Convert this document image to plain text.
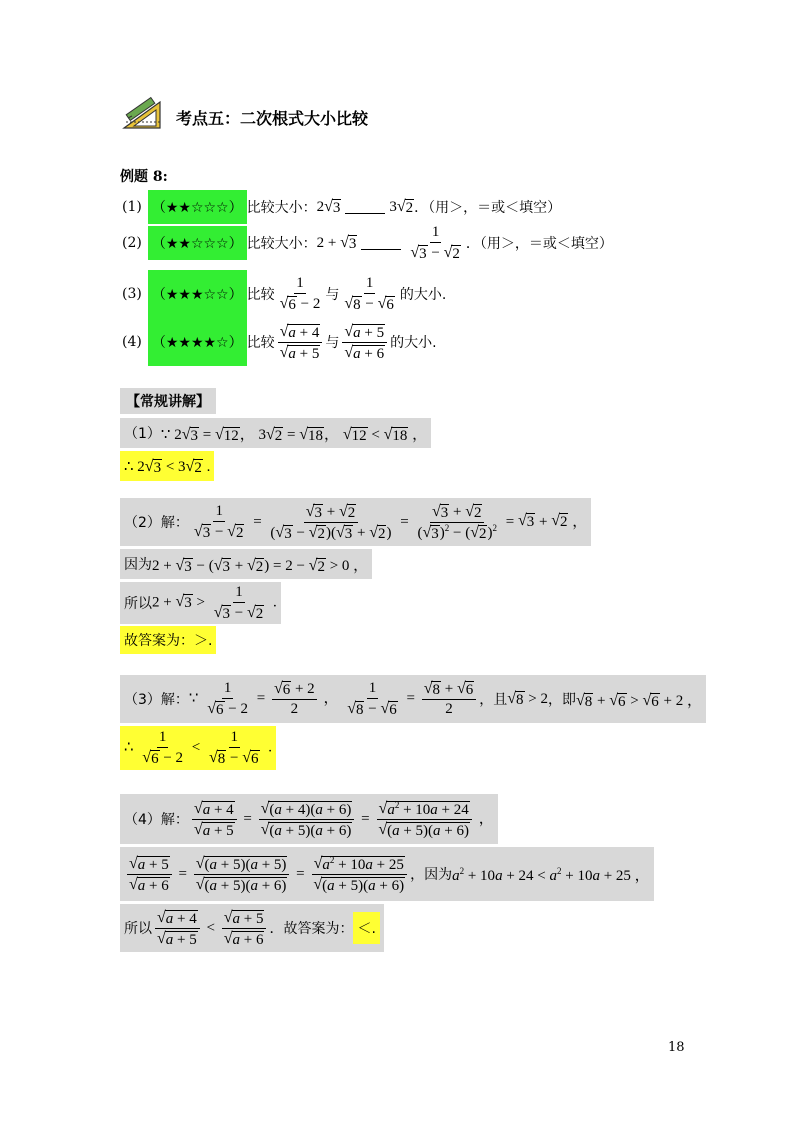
考点五：二次根式大小比较
例题 8:
(1) （★★☆☆☆） 比较大小： 2 √ 3	3 √ 2 ．（用＞，＝或＜填空）
(2) （★★☆☆☆） 比较大小： 2 + √ 3	$\frac{1}{√ 3 - √ 2}$ ．（用＞，＝或＜填空）
(3) （★★★☆☆） 比较 $\frac{1}{√ 6 - 2}$ 与 $\frac{1}{√ 8 - √ 6}$ 的大小.
(4) （★★★★☆） 比较 $\frac{√ a + 4}{√ a + 5}$ 与 $\frac{√ a + 5}{√ a + 6}$ 的大小.
【常规讲解】
（1） ∵ 2 √ 3 = √ 12 ， 3 √ 2 = √ 18 ， √ 12 < √ 18 ，
∴ 2 √ 3 < 3 √ 2 .
（2）解： $\frac{1}{√ 3 - √ 2} = \frac{√ 3 + √ 2}{( √ 3 - √ 2 )( √ 3 + √ 2 )} = \frac{√ 3 + √ 2}{( √ 3 )^2 - ( √ 2 )^2}$ = √ 3 + √ 2 ，
因为 2 + √ 3 − ( √ 3 + √ 2 ) = 2 − √ 2 > 0 ，
所以 2 + √ $3 > \frac{1}{√ 3 - √ 2}$ .
故答案为：＞.
（3）解： ∵ $\frac{1}{√ 6 - 2} = \frac{√ 6 + 2}{2}$ ， $\frac{1}{√ 8 - √ 6} = \frac{√ 8 + √ 6}{2}$ ，且 √ 8 > 2 ，即 √ 8 + √ 6 > √ 6 + 2 ，
∴ $\frac{1}{√ 6 - 2} < \frac{1}{√ 8 - √ 6}$ .
（4）解： $\frac{√ a + 4}{√ a + 5} = \frac{√ (a + 4)(a + 6)}{√ (a + 5)(a + 6)} = \frac{√ a^2 + 10a + 24}{√ (a + 5)(a + 6)}$ ，
$\frac{√ a + 5}{√ a + 6} = \frac{√ (a + 5)(a + 5)}{√ (a + 5)(a + 6)} = \frac{√ a^2 + 10a + 25}{√ (a + 5)(a + 6)}$ ，因为 $a^2 + 10a + 24 < a^2 + 10a + 25$ ，
所以 $\frac{√ a + 4}{√ a + 5} < \frac{√ a + 5}{√ a + 6}$ ．故答案为： ＜.
18
